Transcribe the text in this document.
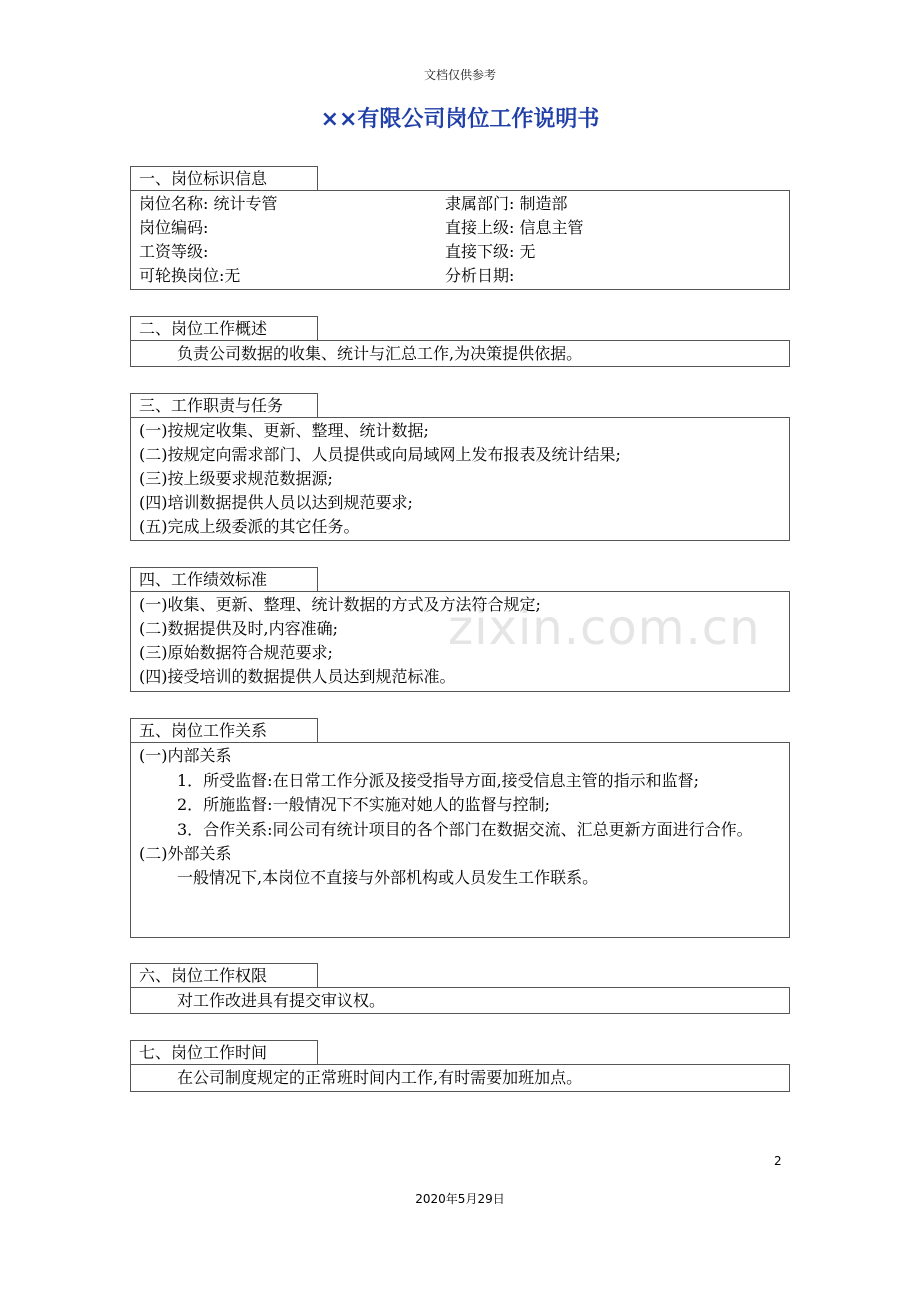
文档仅供参考
××有限公司岗位工作说明书
一、岗位标识信息
岗位名称: 统计专管	隶属部门: 制造部
岗位编码:	直接上级: 信息主管
工资等级:	直接下级: 无
可轮换岗位:无	分析日期:
二、岗位工作概述
负责公司数据的收集、统计与汇总工作,为决策提供依据。
三、工作职责与任务
(一)按规定收集、更新、整理、统计数据;
(二)按规定向需求部门、人员提供或向局域网上发布报表及统计结果;
(三)按上级要求规范数据源;
(四)培训数据提供人员以达到规范要求;
(五)完成上级委派的其它任务。
四、工作绩效标准
(一)收集、更新、整理、统计数据的方式及方法符合规定;
(二)数据提供及时,内容准确;
(三)原始数据符合规范要求;
(四)接受培训的数据提供人员达到规范标准。
五、岗位工作关系
(一)内部关系
1．所受监督:在日常工作分派及接受指导方面,接受信息主管的指示和监督;
2．所施监督:一般情况下不实施对她人的监督与控制;
3．合作关系:同公司有统计项目的各个部门在数据交流、汇总更新方面进行合作。
(二)外部关系
一般情况下,本岗位不直接与外部机构或人员发生工作联系。
六、岗位工作权限
对工作改进具有提交审议权。
七、岗位工作时间
在公司制度规定的正常班时间内工作,有时需要加班加点。
zixin.com.cn
2
2020年5月29日
